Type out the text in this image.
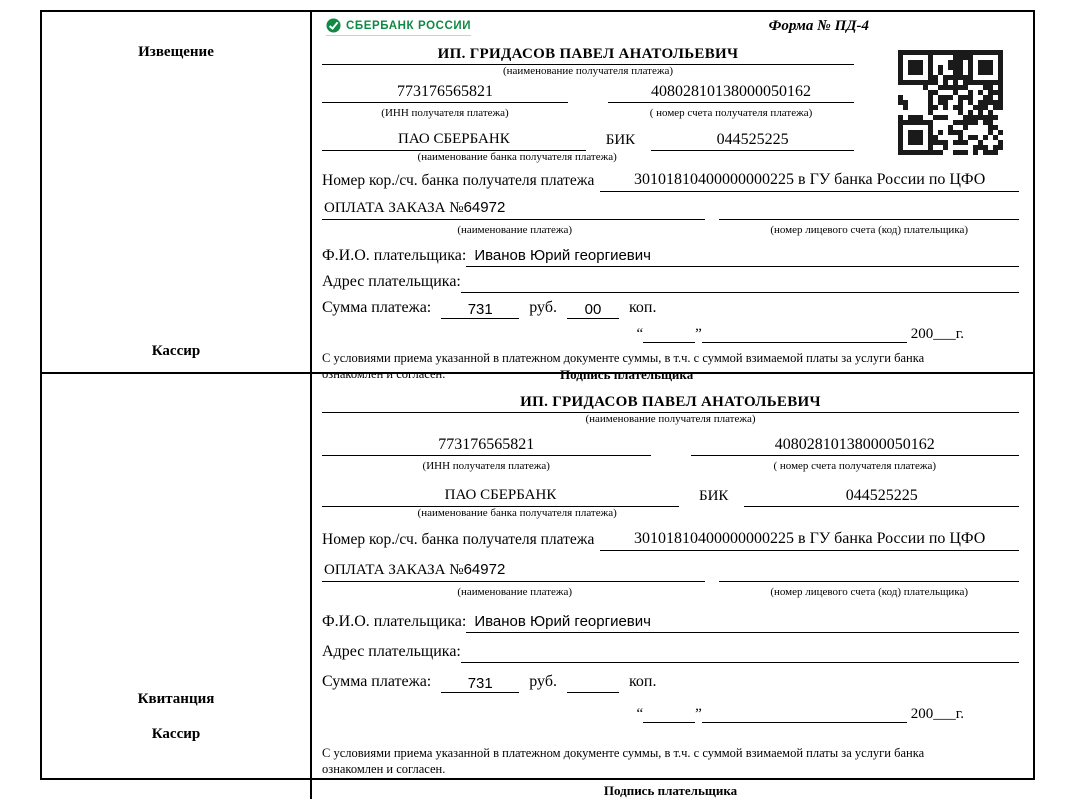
Извещение
Кассир
СБЕРБАНК РОССИИ	Форма № ПД-4
ИП. ГРИДАСОВ ПАВЕЛ АНАТОЛЬЕВИЧ
(наименование получателя платежа)
773176565821	40802810138000050162
(ИНН получателя платежа)	( номер счета получателя платежа)
ПАО СБЕРБАНК	БИК	044525225
(наименование банка получателя платежа)
Номер кор./сч. банка получателя платежа	30101810400000000225 в ГУ банка России по ЦФО
ОПЛАТА ЗАКАЗА №64972

(наименование платежа)	(номер лицевого счета (код) плательщика)
Ф.И.О. плательщика: Иванов Юрий георгиевич
Адрес плательщика:

Сумма платежа:	731	руб.	00	коп.
“
	”
	200___г.
С условиями приема указанной в платежном документе суммы, в т.ч. с суммой взимаемой платы за услуги банка ознакомлен и согласен.	Подпись плательщика
Квитанция
Кассир
ИП. ГРИДАСОВ ПАВЕЛ АНАТОЛЬЕВИЧ
(наименование получателя платежа)
773176565821	40802810138000050162
(ИНН получателя платежа)	( номер счета получателя платежа)
ПАО СБЕРБАНК	БИК	044525225
(наименование банка получателя платежа)
Номер кор./сч. банка получателя платежа	30101810400000000225 в ГУ банка России по ЦФО
ОПЛАТА ЗАКАЗА №64972

(наименование платежа)	(номер лицевого счета (код) плательщика)
Ф.И.О. плательщика: Иванов Юрий георгиевич
Адрес плательщика:

Сумма платежа:	731	руб.	коп.
“
	”
	200___г.
С условиями приема указанной в платежном документе суммы, в т.ч. с суммой взимаемой платы за услуги банка ознакомлен и согласен.
Подпись плательщика
